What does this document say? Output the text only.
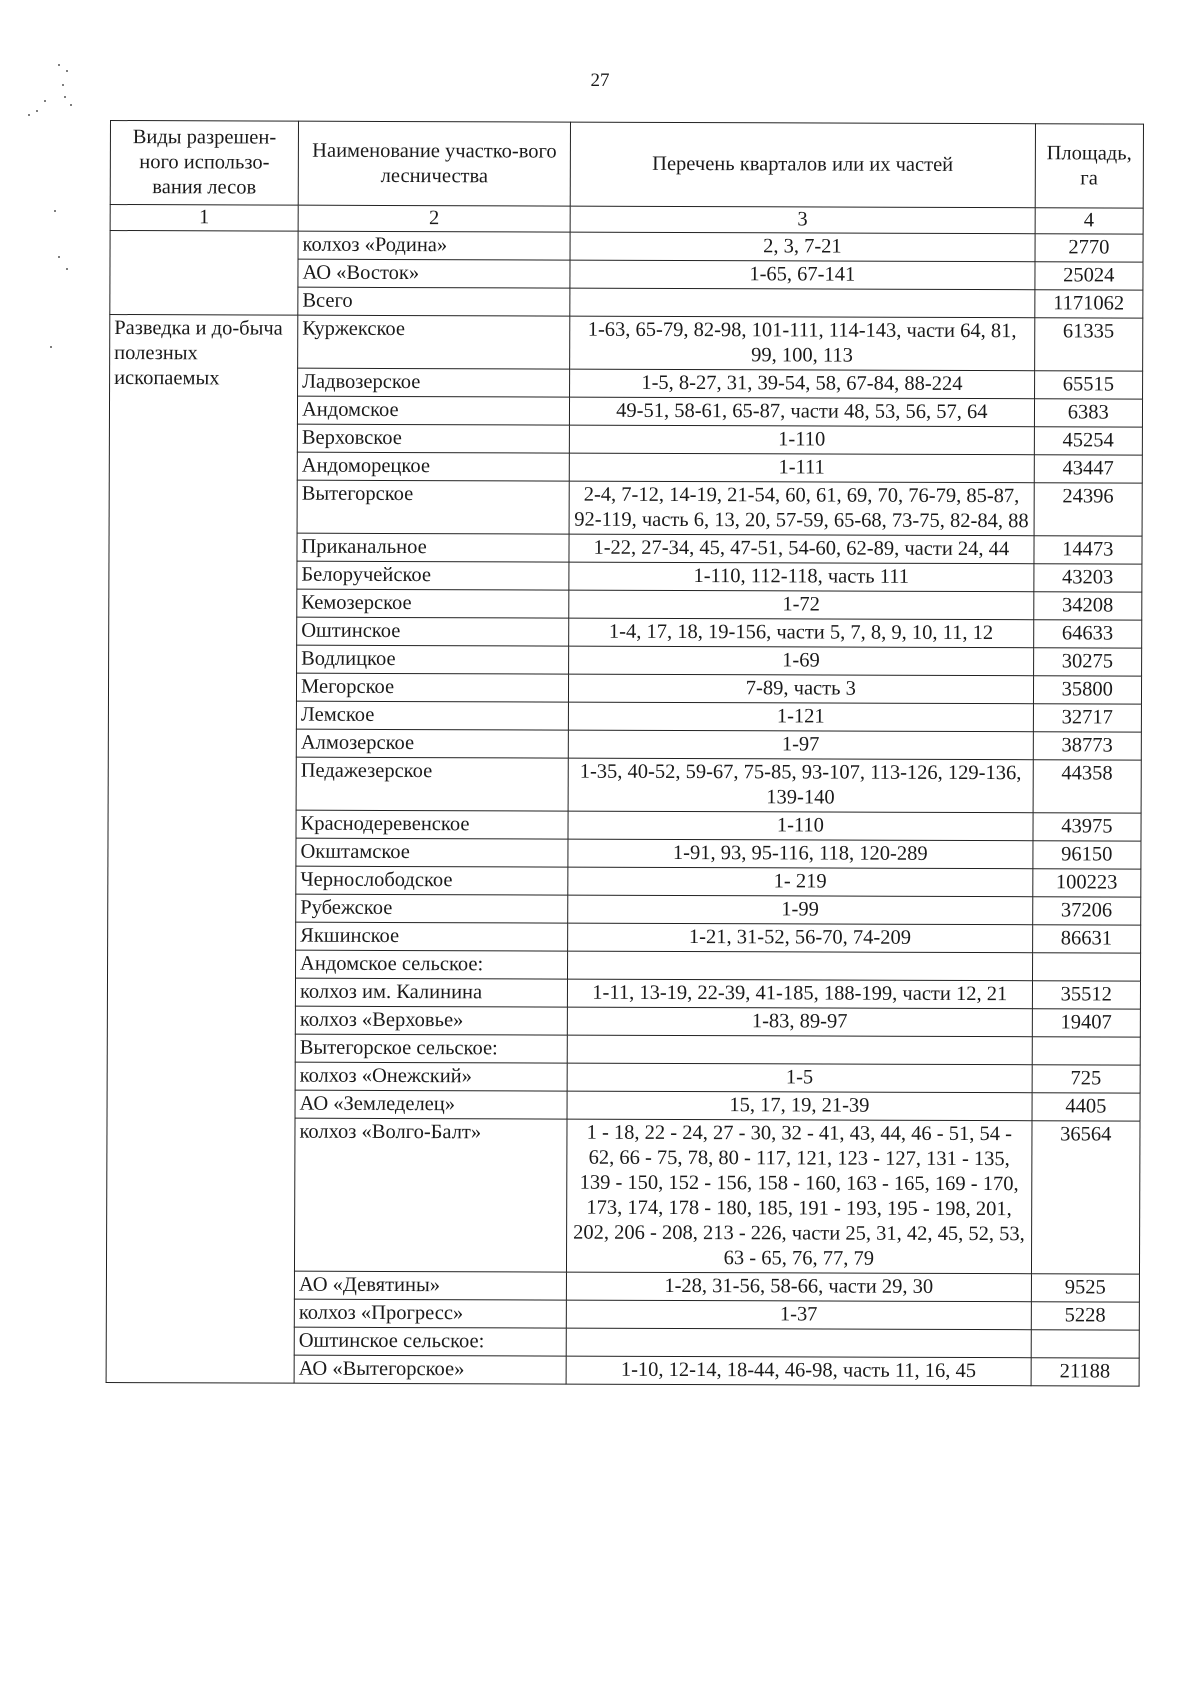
27
Виды разрешен-ного использо-вания лесов	Наименование участко-вого лесничества	Перечень кварталов или их частей	Площадь, га
1	2	3	4
	колхоз «Родина»	2, 3, 7-21	2770
	АО «Восток»	1-65, 67-141	25024
	Всего		1171062
Разведка и до-быча полезных ископаемых	Куржекское	1-63, 65-79, 82-98, 101-111, 114-143, части 64, 81, 99, 100, 113	61335
	Ладвозерское	1-5, 8-27, 31, 39-54, 58, 67-84, 88-224	65515
	Андомское	49-51, 58-61, 65-87, части 48, 53, 56, 57, 64	6383
	Верховское	1-110	45254
	Андоморецкое	1-111	43447
	Вытегорское	2-4, 7-12, 14-19, 21-54, 60, 61, 69, 70, 76-79, 85-87, 92-119, часть 6, 13, 20, 57-59, 65-68, 73-75, 82-84, 88	24396
	Приканальное	1-22, 27-34, 45, 47-51, 54-60, 62-89, части 24, 44	14473
	Белоручейское	1-110, 112-118, часть 111	43203
	Кемозерское	1-72	34208
	Оштинское	1-4, 17, 18, 19-156, части 5, 7, 8, 9, 10, 11, 12	64633
	Водлицкое	1-69	30275
	Мегорское	7-89, часть 3	35800
	Лемское	1-121	32717
	Алмозерское	1-97	38773
	Педажезерское	1-35, 40-52, 59-67, 75-85, 93-107, 113-126, 129-136, 139-140	44358
	Краснодеревенское	1-110	43975
	Окштамское	1-91, 93, 95-116, 118, 120-289	96150
	Чернослободское	1- 219	100223
	Рубежское	1-99	37206
	Якшинское	1-21, 31-52, 56-70, 74-209	86631
	Андомское сельское:		
	колхоз им. Калинина	1-11, 13-19, 22-39, 41-185, 188-199, части 12, 21	35512
	колхоз «Верховье»	1-83, 89-97	19407
	Вытегорское сельское:		
	колхоз «Онежский»	1-5	725
	АО «Земледелец»	15, 17, 19, 21-39	4405
	колхоз «Волго-Балт»	1 - 18, 22 - 24, 27 - 30, 32 - 41, 43, 44, 46 - 51, 54 - 62, 66 - 75, 78, 80 - 117, 121, 123 - 127, 131 - 135, 139 - 150, 152 - 156, 158 - 160, 163 - 165, 169 - 170, 173, 174, 178 - 180, 185, 191 - 193, 195 - 198, 201, 202, 206 - 208, 213 - 226, части 25, 31, 42, 45, 52, 53, 63 - 65, 76, 77, 79	36564
	АО «Девятины»	1-28, 31-56, 58-66, части 29, 30	9525
	колхоз «Прогресс»	1-37	5228
	Оштинское сельское:		
	АО «Вытегорское»	1-10, 12-14, 18-44, 46-98, часть 11, 16, 45	21188
